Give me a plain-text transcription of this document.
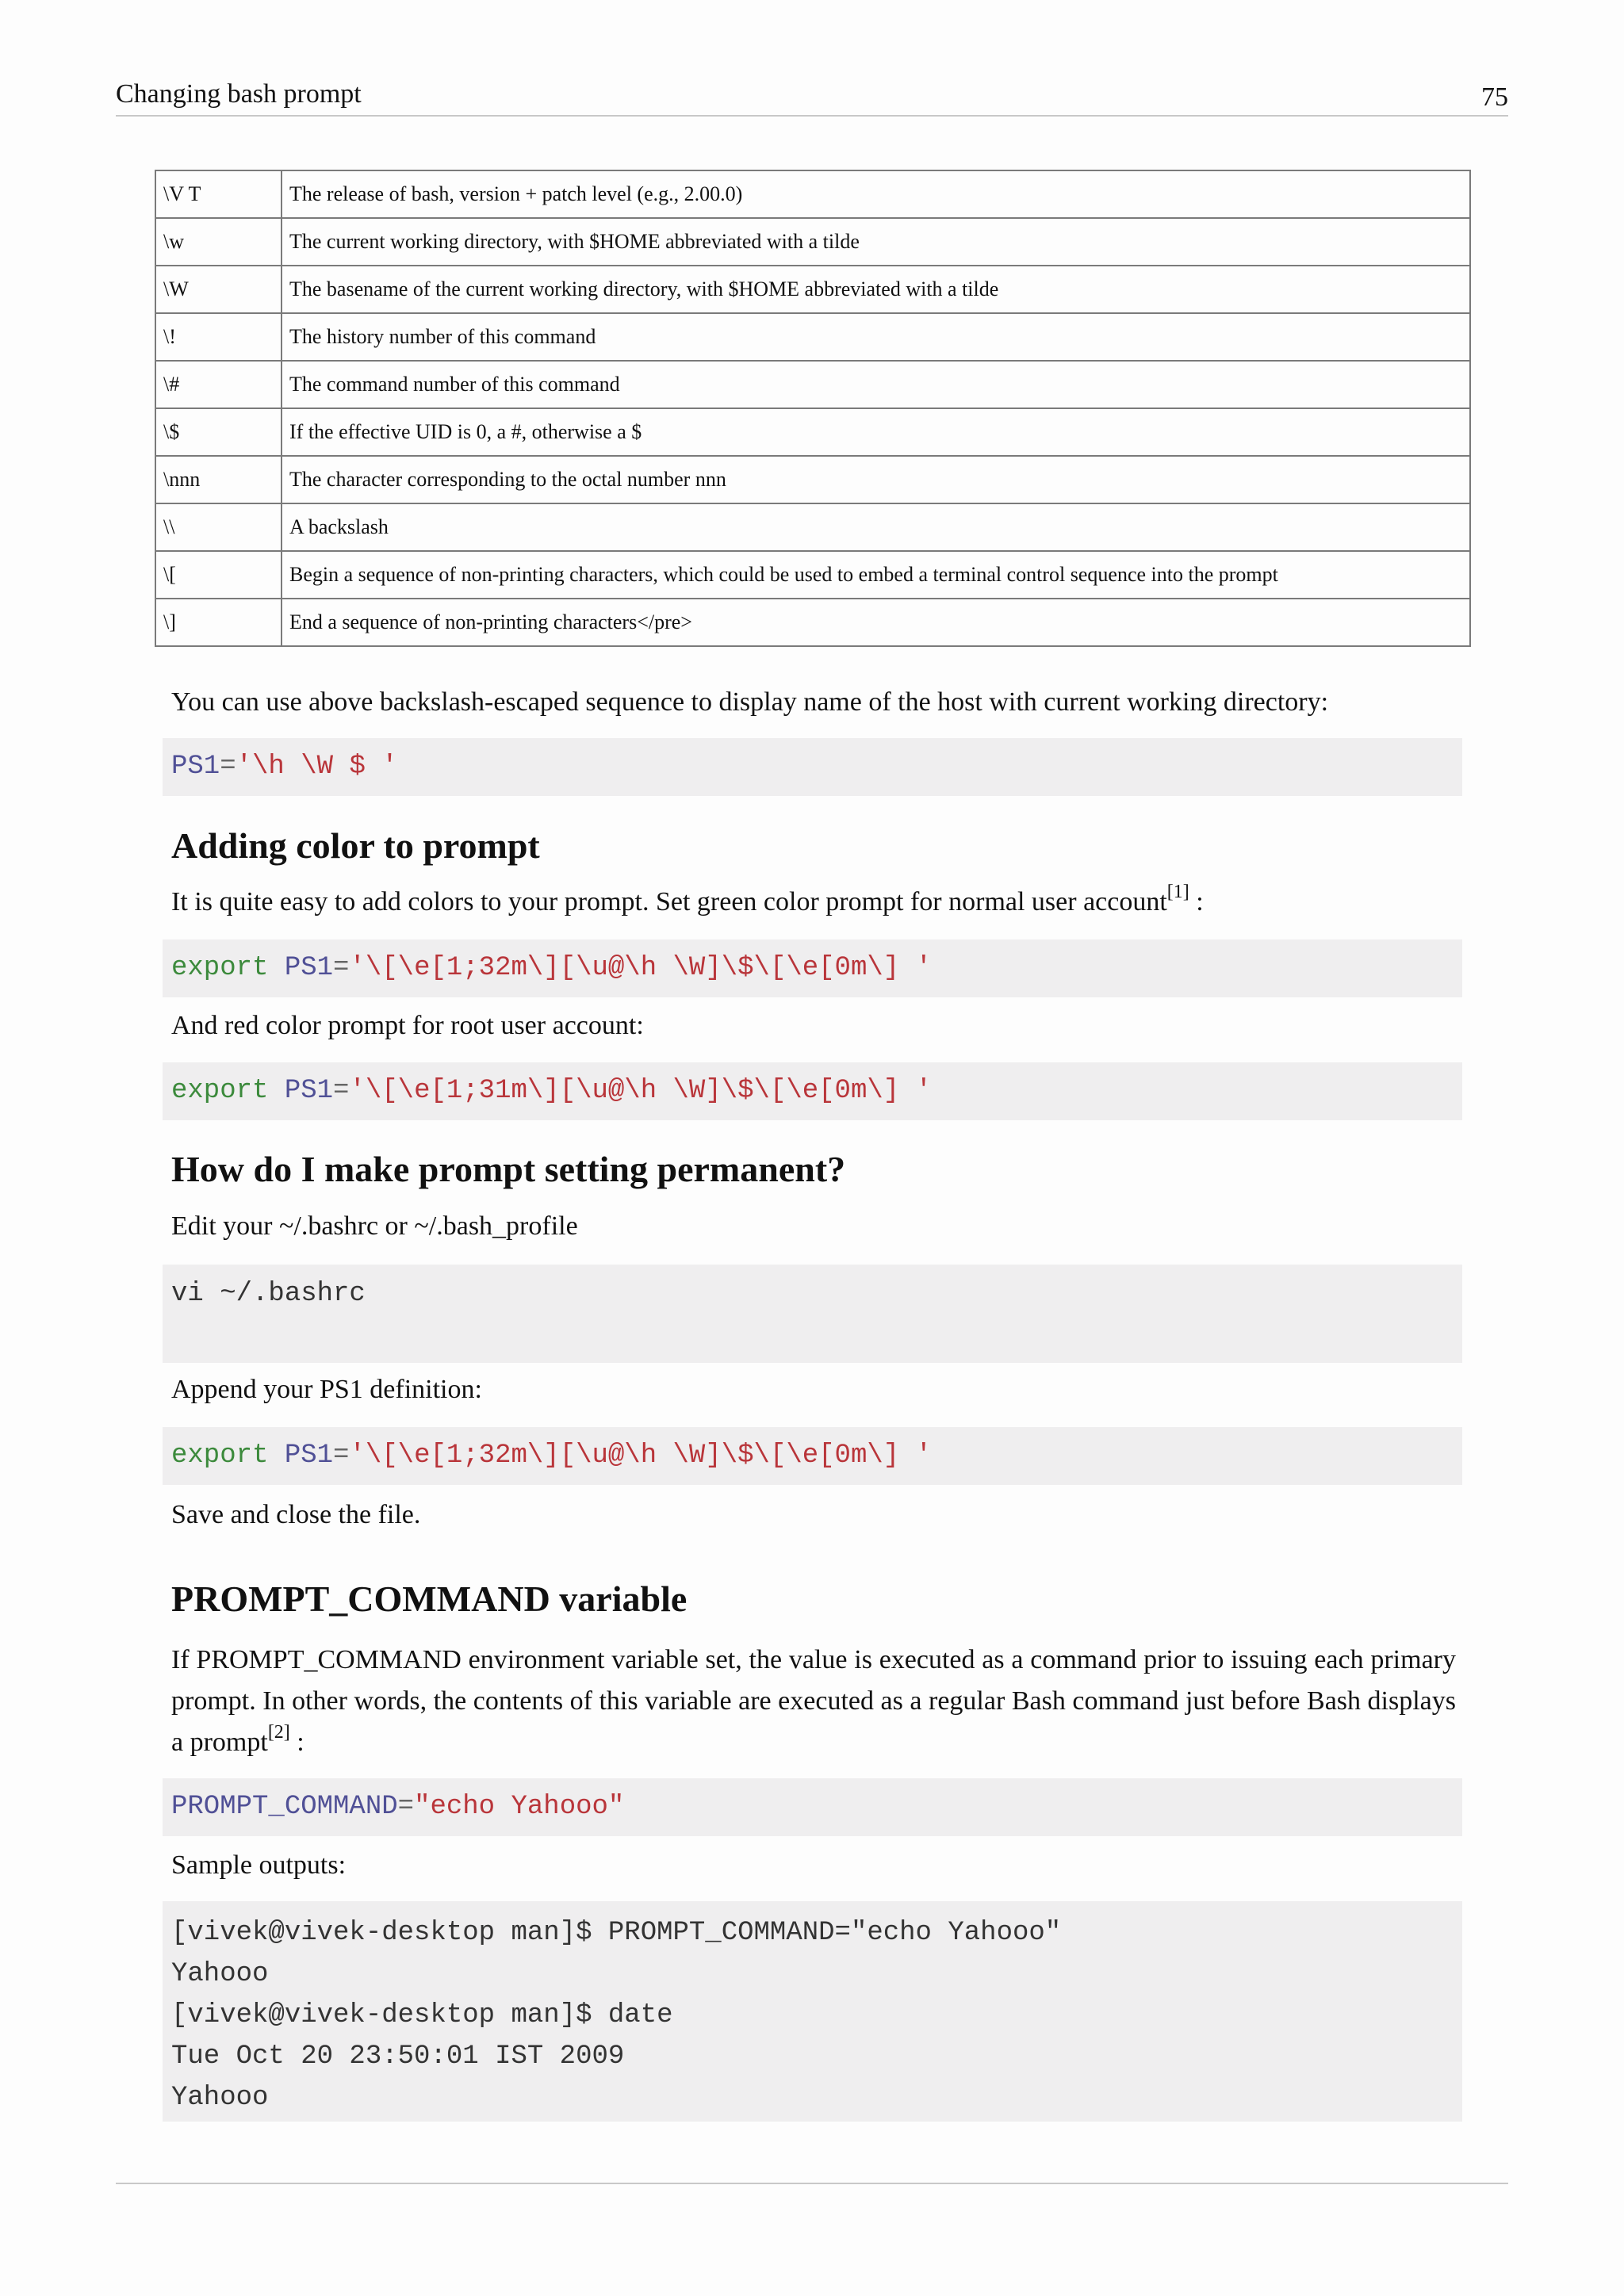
Changing bash prompt	75
\V T	The release of bash, version + patch level (e.g., 2.00.0)
\w	The current working directory, with $HOME abbreviated with a tilde
\W	The basename of the current working directory, with $HOME abbreviated with a tilde
\!	The history number of this command
\#	The command number of this command
\$	If the effective UID is 0, a #, otherwise a $
\nnn	The character corresponding to the octal number nnn
\\	A backslash
\[	Begin a sequence of non-printing characters, which could be used to embed a terminal control sequence into the prompt
\]	End a sequence of non-printing characters</pre>
You can use above backslash-escaped sequence to display name of the host with current working directory:
PS1='\h \W $ '
Adding color to prompt
It is quite easy to add colors to your prompt. Set green color prompt for normal user account[1] :
export PS1='\[\e[1;32m\][\u@\h \W]\$\[\e[0m\] '
And red color prompt for root user account:
export PS1='\[\e[1;31m\][\u@\h \W]\$\[\e[0m\] '
How do I make prompt setting permanent?
Edit your ~/.bashrc or ~/.bash_profile
vi ~/.bashrc
Append your PS1 definition:
export PS1='\[\e[1;32m\][\u@\h \W]\$\[\e[0m\] '
Save and close the file.
PROMPT_COMMAND variable
If PROMPT_COMMAND environment variable set, the value is executed as a command prior to issuing each primary prompt. In other words, the contents of this variable are executed as a regular Bash command just before Bash displays a prompt[2] :
PROMPT_COMMAND="echo Yahooo"
Sample outputs:
[vivek@vivek-desktop man]$ PROMPT_COMMAND="echo Yahooo"
Yahooo
[vivek@vivek-desktop man]$ date
Tue Oct 20 23:50:01 IST 2009
Yahooo
